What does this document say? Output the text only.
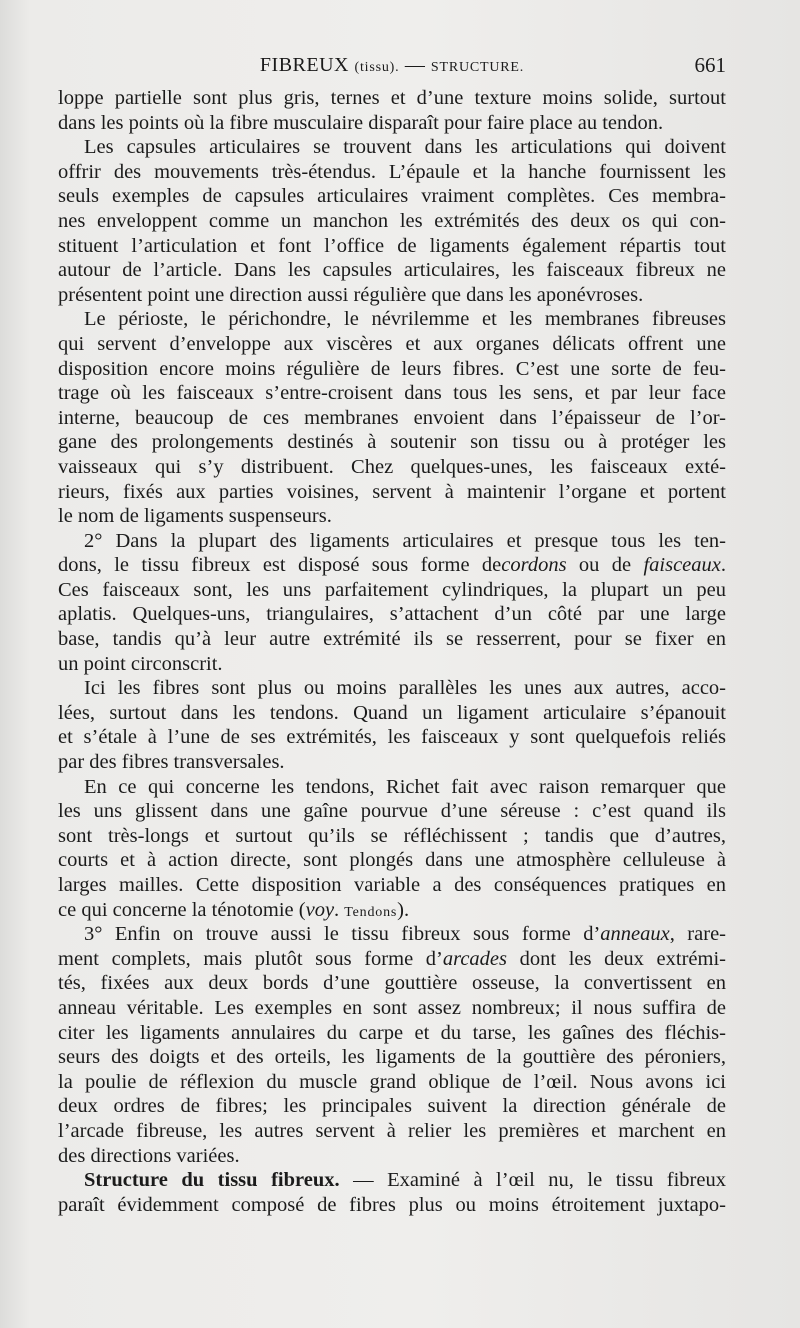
FIBREUX (tissu). — STRUCTURE.	661
loppe partielle sont plus gris, ternes et d’une texture moins solide, surtout
dans les points où la fibre musculaire disparaît pour faire place au tendon.
Les capsules articulaires se trouvent dans les articulations qui doivent
offrir des mouvements très-étendus. L’épaule et la hanche fournissent les
seuls exemples de capsules articulaires vraiment complètes. Ces membra-
nes enveloppent comme un manchon les extrémités des deux os qui con-
stituent l’articulation et font l’office de ligaments également répartis tout
autour de l’article. Dans les capsules articulaires, les faisceaux fibreux ne
présentent point une direction aussi régulière que dans les aponévroses.
Le périoste, le périchondre, le névrilemme et les membranes fibreuses
qui servent d’enveloppe aux viscères et aux organes délicats offrent une
disposition encore moins régulière de leurs fibres. C’est une sorte de feu-
trage où les faisceaux s’entre-croisent dans tous les sens, et par leur face
interne, beaucoup de ces membranes envoient dans l’épaisseur de l’or-
gane des prolongements destinés à soutenir son tissu ou à protéger les
vaisseaux qui s’y distribuent. Chez quelques-unes, les faisceaux exté-
rieurs, fixés aux parties voisines, servent à maintenir l’organe et portent
le nom de ligaments suspenseurs.
2° Dans la plupart des ligaments articulaires et presque tous les ten-
dons, le tissu fibreux est disposé sous forme decordons ou de faisceaux.
Ces faisceaux sont, les uns parfaitement cylindriques, la plupart un peu
aplatis. Quelques-uns, triangulaires, s’attachent d’un côté par une large
base, tandis qu’à leur autre extrémité ils se resserrent, pour se fixer en
un point circonscrit.
Ici les fibres sont plus ou moins parallèles les unes aux autres, acco-
lées, surtout dans les tendons. Quand un ligament articulaire s’épanouit
et s’étale à l’une de ses extrémités, les faisceaux y sont quelquefois reliés
par des fibres transversales.
En ce qui concerne les tendons, Richet fait avec raison remarquer que
les uns glissent dans une gaîne pourvue d’une séreuse : c’est quand ils
sont très-longs et surtout qu’ils se réfléchissent ; tandis que d’autres,
courts et à action directe, sont plongés dans une atmosphère celluleuse à
larges mailles. Cette disposition variable a des conséquences pratiques en
ce qui concerne la ténotomie (voy. Tendons).
3° Enfin on trouve aussi le tissu fibreux sous forme d’anneaux, rare-
ment complets, mais plutôt sous forme d’arcades dont les deux extrémi-
tés, fixées aux deux bords d’une gouttière osseuse, la convertissent en
anneau véritable. Les exemples en sont assez nombreux; il nous suffira de
citer les ligaments annulaires du carpe et du tarse, les gaînes des fléchis-
seurs des doigts et des orteils, les ligaments de la gouttière des péroniers,
la poulie de réflexion du muscle grand oblique de l’œil. Nous avons ici
deux ordres de fibres; les principales suivent la direction générale de
l’arcade fibreuse, les autres servent à relier les premières et marchent en
des directions variées.
Structure du tissu fibreux. — Examiné à l’œil nu, le tissu fibreux
paraît évidemment composé de fibres plus ou moins étroitement juxtapo-
